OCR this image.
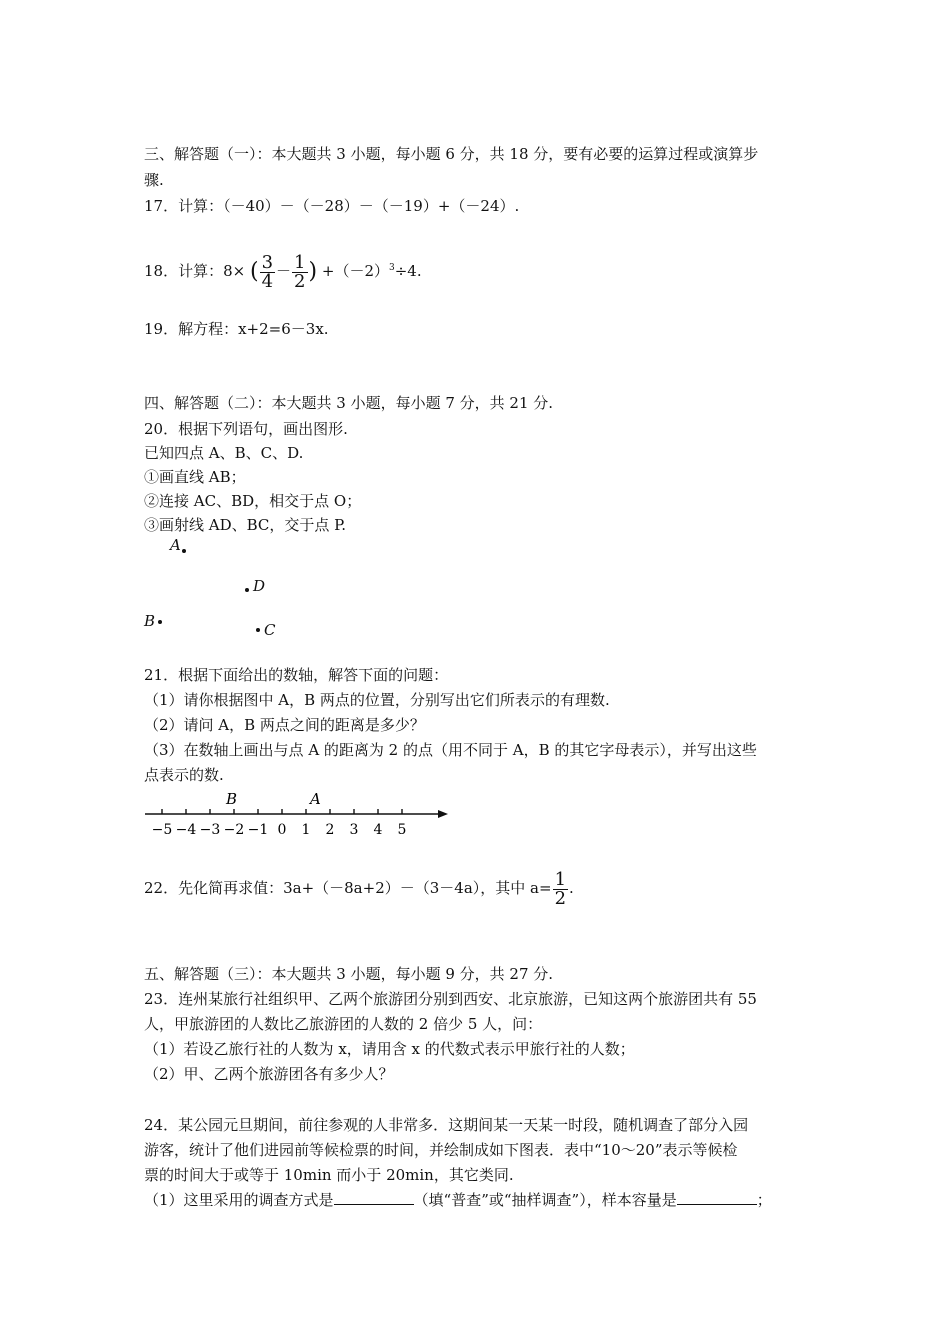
三、解答题（一）：本大题共 3 小题，每小题 6 分，共 18 分，要有必要的运算过程或演算步
骤.
17．计算：（－40）－（－28）－（－19）+（－24）.
18．计算：8× ( $\frac{3}{4} - \frac{1}{2}$ ) $+(-2)^3\div 4$.
19．解方程：x+2=6－3x.
四、解答题（二）：本大题共 3 小题，每小题 7 分，共 21 分.
20．根据下列语句，画出图形.
已知四点 A、B、C、D.
①画直线 AB；
②连接 AC、BD，相交于点 O；
③画射线 AD、BC，交于点 P.
A
D
B	C
21．根据下面给出的数轴，解答下面的问题：
（1）请你根据图中 A，B 两点的位置，分别写出它们所表示的有理数.
（2）请问 A，B 两点之间的距离是多少？
（3）在数轴上画出与点 A 的距离为 2 的点（用不同于 A，B 的其它字母表示），并写出这些
点表示的数.
−5 −4 −3 −2 −1 0 1 2 3 4 5
B	A
22．先化简再求值：3a+（－8a+2）－（3－4a），其中 $a= \frac{1}{2}$ .
五、解答题（三）：本大题共 3 小题，每小题 9 分，共 27 分.
23．连州某旅行社组织甲、乙两个旅游团分别到西安、北京旅游，已知这两个旅游团共有 55
人，甲旅游团的人数比乙旅游团的人数的 2 倍少 5 人，问：
（1）若设乙旅行社的人数为 x，请用含 x 的代数式表示甲旅行社的人数；
（2）甲、乙两个旅游团各有多少人？
24．某公园元旦期间，前往参观的人非常多．这期间某一天某一时段，随机调查了部分入园
游客，统计了他们进园前等候检票的时间，并绘制成如下图表．表中“10～20”表示等候检
票的时间大于或等于 10min 而小于 20min，其它类同.
（1）这里采用的调查方式是	（填“普查”或“抽样调查”），样本容量是	；
